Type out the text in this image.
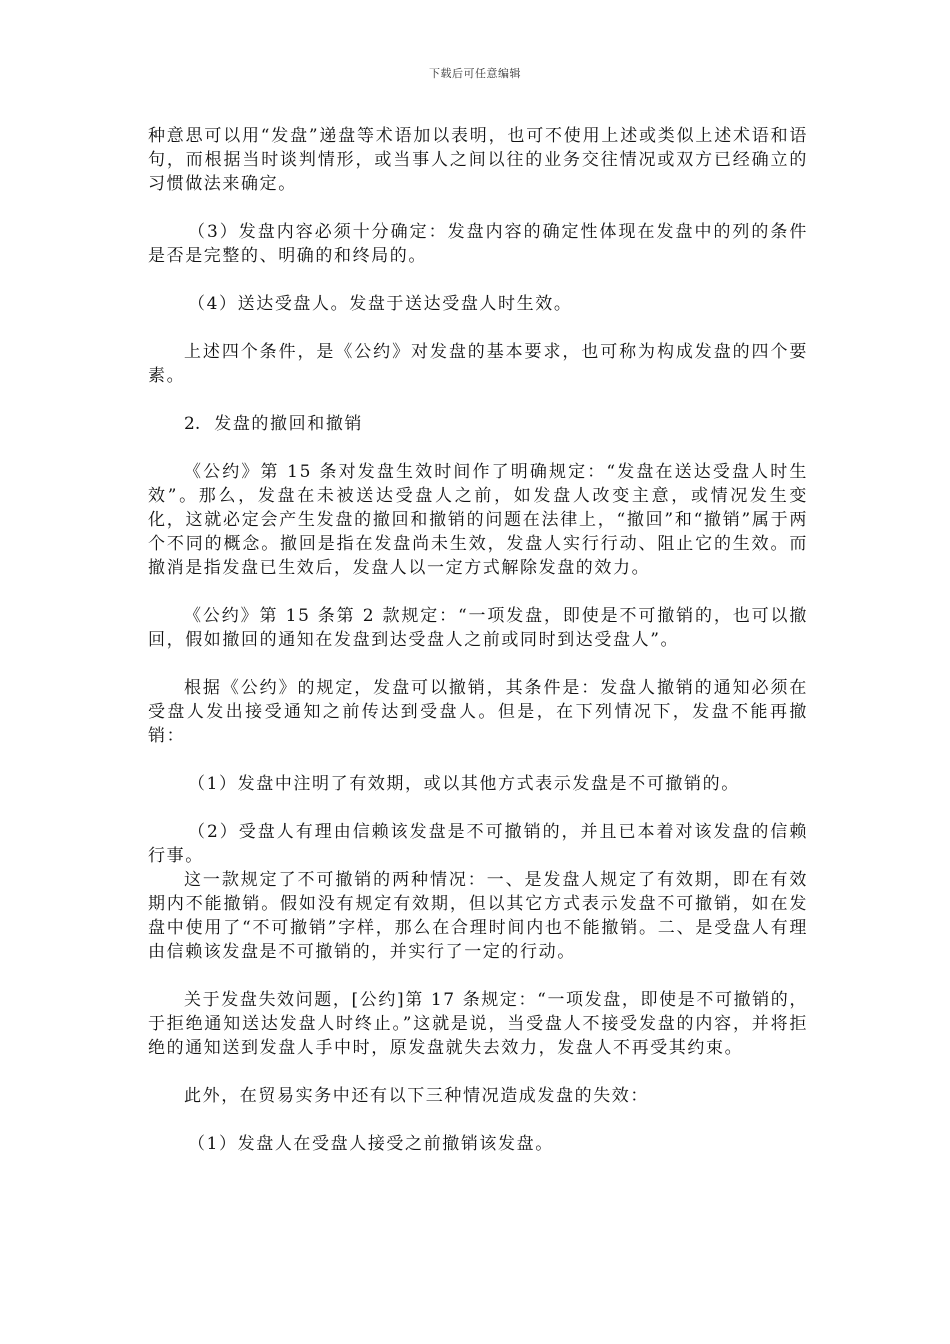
下载后可任意编辑

种意思可以用“发盘”递盘等术语加以表明，也可不使用上述或类似上述术语和语句，而根据当时谈判情形，或当事人之间以往的业务交往情况或双方已经确立的习惯做法来确定。

（3）发盘内容必须十分确定：发盘内容的确定性体现在发盘中的列的条件是否是完整的、明确的和终局的。

（4）送达受盘人。发盘于送达受盘人时生效。

上述四个条件，是《公约》对发盘的基本要求，也可称为构成发盘的四个要素。

2. 发盘的撤回和撤销

《公约》第 15 条对发盘生效时间作了明确规定：“发盘在送达受盘人时生效”。那么，发盘在未被送达受盘人之前，如发盘人改变主意，或情况发生变化，这就必定会产生发盘的撤回和撤销的问题在法律上，“撤回”和“撤销”属于两个不同的概念。撤回是指在发盘尚未生效，发盘人实行行动、阻止它的生效。而撤消是指发盘已生效后，发盘人以一定方式解除发盘的效力。

《公约》第 15 条第 2 款规定：“一项发盘，即使是不可撤销的，也可以撤回，假如撤回的通知在发盘到达受盘人之前或同时到达受盘人”。

根据《公约》的规定，发盘可以撤销，其条件是：发盘人撤销的通知必须在受盘人发出接受通知之前传达到受盘人。但是，在下列情况下，发盘不能再撤销：

（1）发盘中注明了有效期，或以其他方式表示发盘是不可撤销的。

（2）受盘人有理由信赖该发盘是不可撤销的，并且已本着对该发盘的信赖行事。

这一款规定了不可撤销的两种情况：一、是发盘人规定了有效期，即在有效期内不能撤销。假如没有规定有效期，但以其它方式表示发盘不可撤销，如在发盘中使用了“不可撤销”字样，那么在合理时间内也不能撤销。二、是受盘人有理由信赖该发盘是不可撤销的，并实行了一定的行动。

关于发盘失效问题，[公约]第 17 条规定：“一项发盘，即使是不可撤销的，于拒绝通知送达发盘人时终止。”这就是说，当受盘人不接受发盘的内容，并将拒绝的通知送到发盘人手中时，原发盘就失去效力，发盘人不再受其约束。

此外，在贸易实务中还有以下三种情况造成发盘的失效：

（1）发盘人在受盘人接受之前撤销该发盘。
